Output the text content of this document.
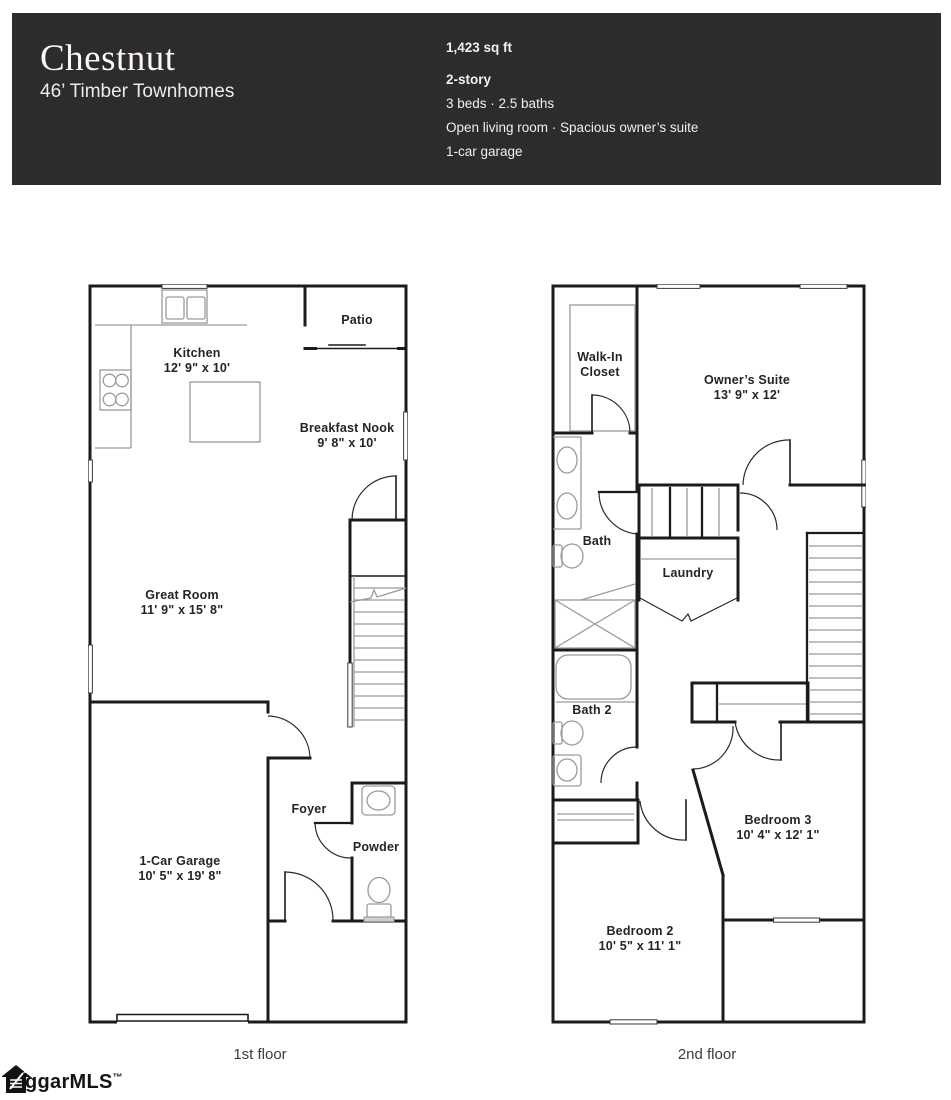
Chestnut
46’ Timber Townhomes
1,423 sq ft
2-story
3 beds · 2.5 baths
Open living room · Spacious owner’s suite
1-car garage
Kitchen
12' 9" x 10'
Patio
Breakfast Nook
9' 8" x 10'
Great Room
11' 9" x 15' 8"
Foyer
Powder
1-Car Garage
10' 5" x 19' 8"
Walk-In
Closet
Owner’s Suite
13' 9" x 12'
Bath
Laundry
Bath 2
Bedroom 3
10' 4" x 12' 1"
Bedroom 2
10' 5" x 11' 1"
1st floor	2nd floor
ggarMLS™
